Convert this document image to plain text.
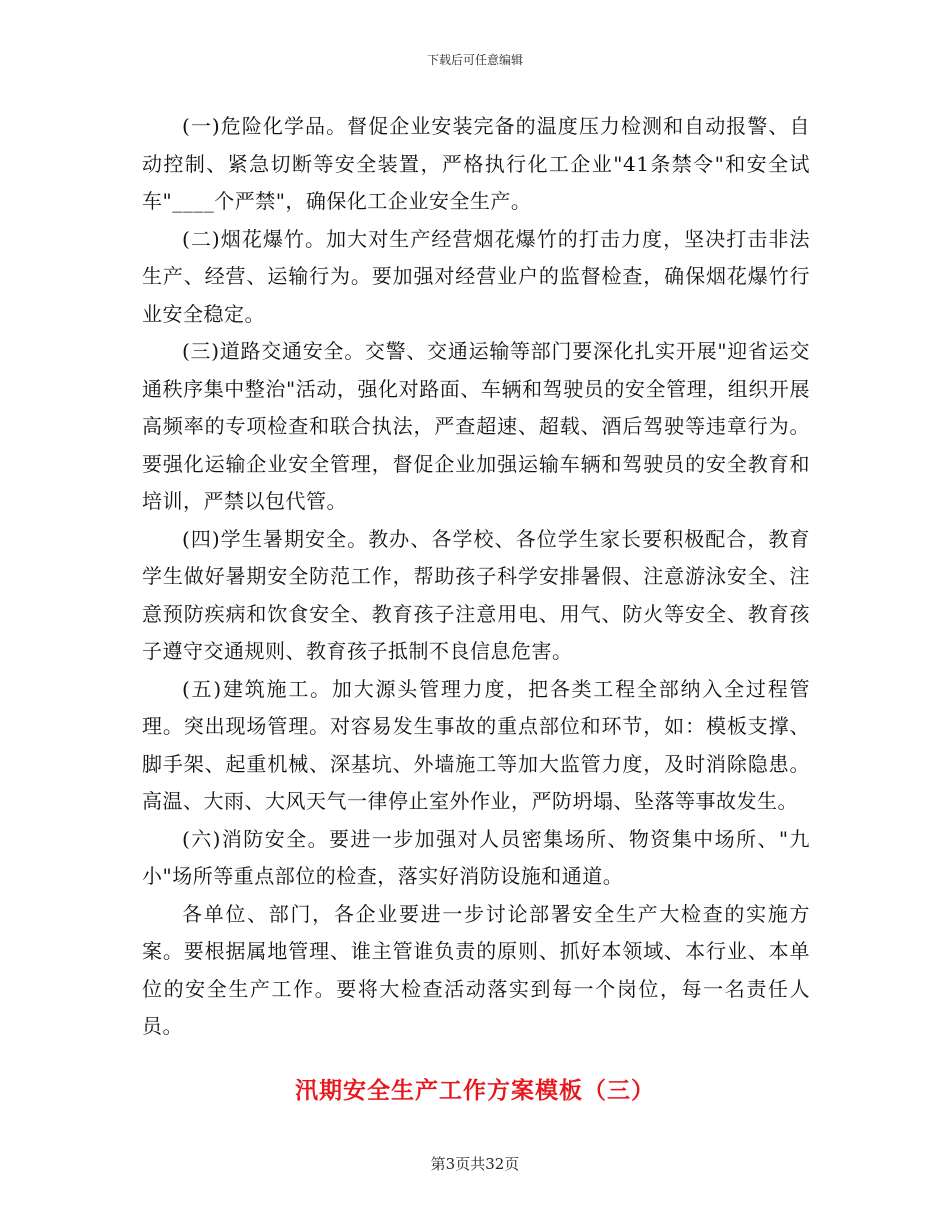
下载后可任意编辑

(一)危险化学品。督促企业安装完备的温度压力检测和自动报警、自动控制、紧急切断等安全装置，严格执行化工企业"41条禁令"和安全试车"____个严禁"，确保化工企业安全生产。

(二)烟花爆竹。加大对生产经营烟花爆竹的打击力度，坚决打击非法生产、经营、运输行为。要加强对经营业户的监督检查，确保烟花爆竹行业安全稳定。

(三)道路交通安全。交警、交通运输等部门要深化扎实开展"迎省运交通秩序集中整治"活动，强化对路面、车辆和驾驶员的安全管理，组织开展高频率的专项检查和联合执法，严查超速、超载、酒后驾驶等违章行为。要强化运输企业安全管理，督促企业加强运输车辆和驾驶员的安全教育和培训，严禁以包代管。

(四)学生暑期安全。教办、各学校、各位学生家长要积极配合，教育学生做好暑期安全防范工作，帮助孩子科学安排暑假、注意游泳安全、注意预防疾病和饮食安全、教育孩子注意用电、用气、防火等安全、教育孩子遵守交通规则、教育孩子抵制不良信息危害。

(五)建筑施工。加大源头管理力度，把各类工程全部纳入全过程管理。突出现场管理。对容易发生事故的重点部位和环节，如：模板支撑、脚手架、起重机械、深基坑、外墙施工等加大监管力度，及时消除隐患。高温、大雨、大风天气一律停止室外作业，严防坍塌、坠落等事故发生。

(六)消防安全。要进一步加强对人员密集场所、物资集中场所、"九小"场所等重点部位的检查，落实好消防设施和通道。

各单位、部门，各企业要进一步讨论部署安全生产大检查的实施方案。要根据属地管理、谁主管谁负责的原则、抓好本领域、本行业、本单位的安全生产工作。要将大检查活动落实到每一个岗位，每一名责任人员。

汛期安全生产工作方案模板（三）
第3页共32页
